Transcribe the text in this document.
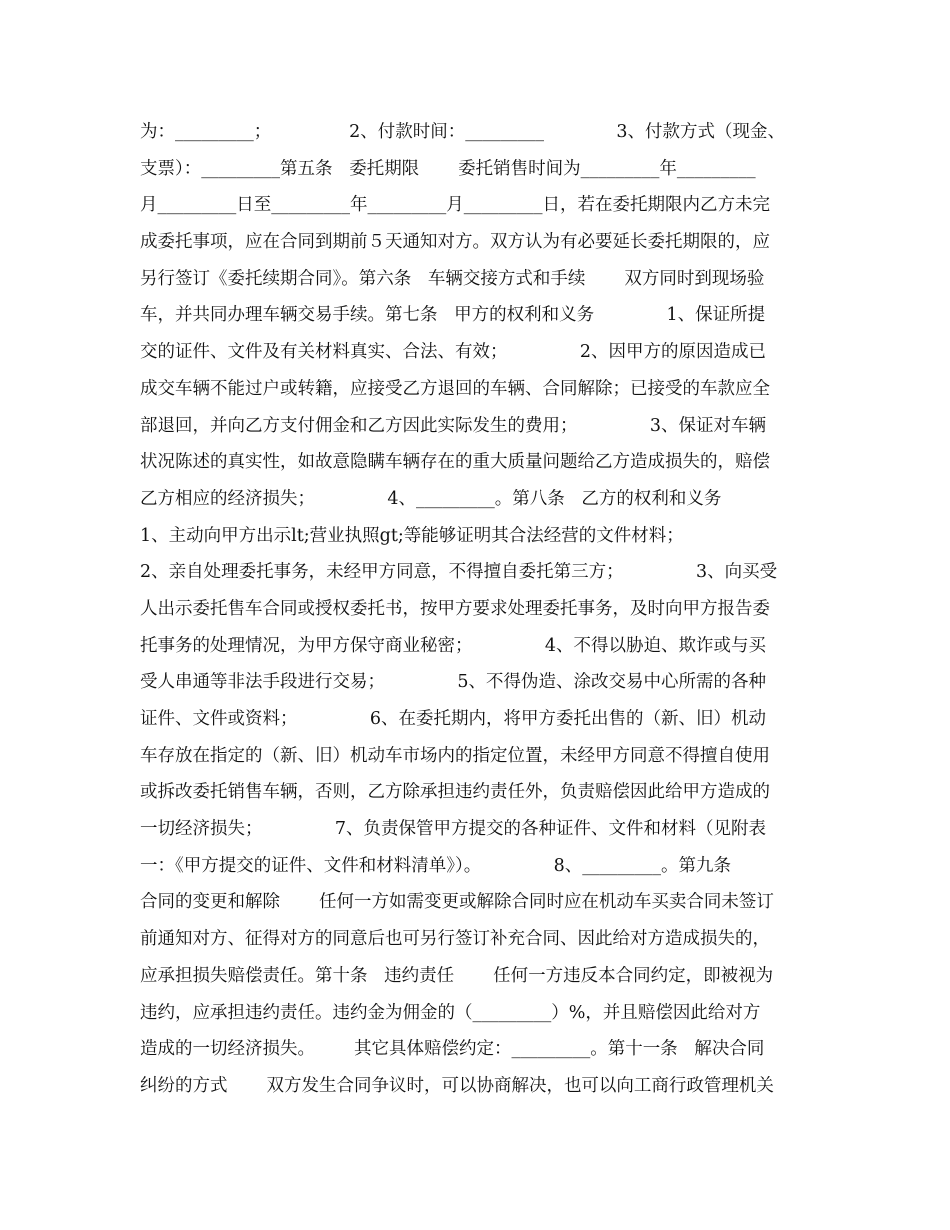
为：_________；              2、付款时间：_________             3、付款方式（现金、
支票）：_________第五条   委托期限       委托销售时间为_________年_________
月_________日至_________年_________月_________日，若在委托期限内乙方未完
成委托事项，应在合同到期前５天通知对方。双方认为有必要延长委托期限的，应
另行签订《委托续期合同》。第六条   车辆交接方式和手续       双方同时到现场验
车，并共同办理车辆交易手续。第七条   甲方的权利和义务             1、保证所提
交的证件、文件及有关材料真实、合法、有效；             2、因甲方的原因造成已
成交车辆不能过户或转籍，应接受乙方退回的车辆、合同解除；已接受的车款应全
部退回，并向乙方支付佣金和乙方因此实际发生的费用；             3、保证对车辆
状况陈述的真实性，如故意隐瞒车辆存在的重大质量问题给乙方造成损失的，赔偿
乙方相应的经济损失；             4、_________。第八条   乙方的权利和义务
1、主动向甲方出示lt;营业执照gt;等能够证明其合法经营的文件材料；
2、亲自处理委托事务，未经甲方同意，不得擅自委托第三方；             3、向买受
人出示委托售车合同或授权委托书，按甲方要求处理委托事务，及时向甲方报告委
托事务的处理情况，为甲方保守商业秘密；             4、不得以胁迫、欺诈或与买
受人串通等非法手段进行交易；             5、不得伪造、涂改交易中心所需的各种
证件、文件或资料；             6、在委托期内，将甲方委托出售的（新、旧）机动
车存放在指定的（新、旧）机动车市场内的指定位置，未经甲方同意不得擅自使用
或拆改委托销售车辆，否则，乙方除承担违约责任外，负责赔偿因此给甲方造成的
一切经济损失；             7、负责保管甲方提交的各种证件、文件和材料（见附表
一：《甲方提交的证件、文件和材料清单》）。             8、_________。第九条
合同的变更和解除       任何一方如需变更或解除合同时应在机动车买卖合同未签订
前通知对方、征得对方的同意后也可另行签订补充合同、因此给对方造成损失的，
应承担损失赔偿责任。第十条   违约责任       任何一方违反本合同约定，即被视为
违约，应承担违约责任。违约金为佣金的（_________）%，并且赔偿因此给对方
造成的一切经济损失。       其它具体赔偿约定：_________。第十一条   解决合同
纠纷的方式       双方发生合同争议时，可以协商解决，也可以向工商行政管理机关
